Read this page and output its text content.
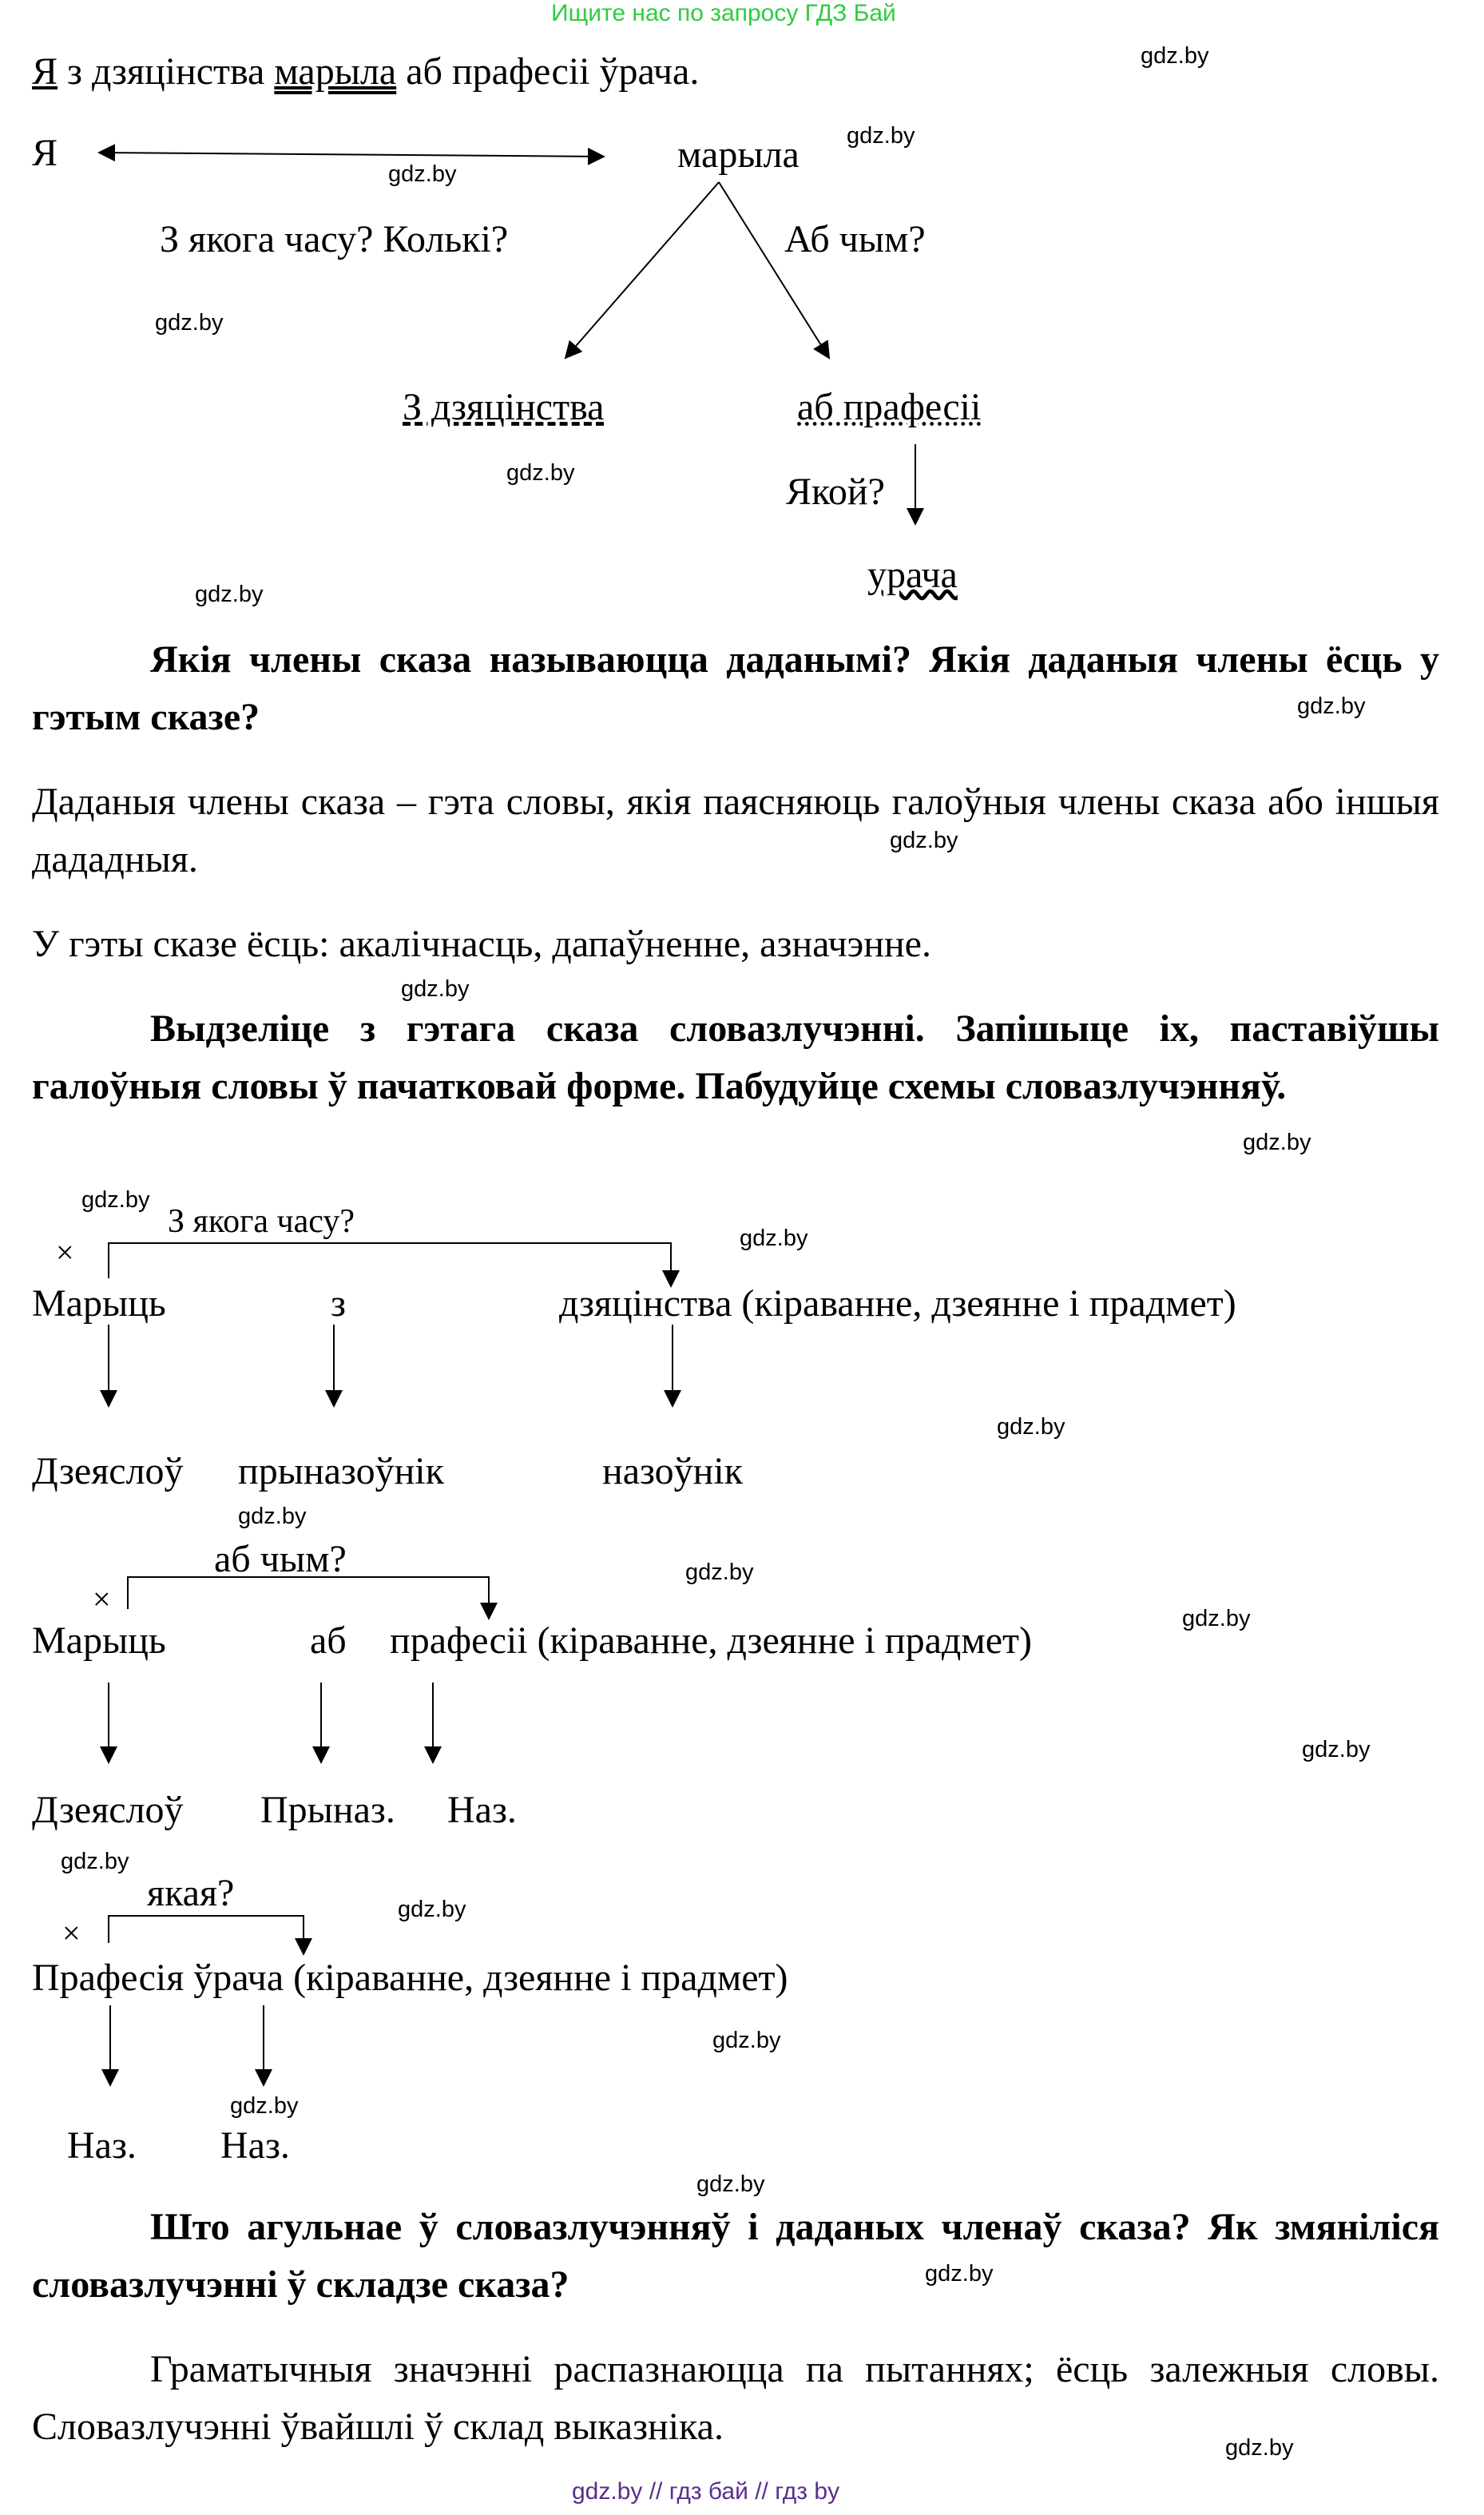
Ищите нас по запросу ГДЗ Бай
Я з дзяцінства марыла аб прафесіі ўрача.
Я	марыла
З якога часу? Колькі?	Аб чым?
З дзяцінства	аб прафесіі
Якой?
урача
Якія члены сказа называюцца даданымі? Якія даданыя члены ёсць у гэтым сказе?
Даданыя члены сказа – гэта словы, якія паясняюць галоўныя члены сказа або іншыя дададныя.
У гэты сказе ёсць: акалічнасць, дапаўненне, азначэнне.
Выдзеліце з гэтага сказа словазлучэнні. Запішыце іх, паставіўшы галоўныя словы ў пачатковай форме. Пабудуйце схемы словазлучэнняў.
×
З якога часу?
Марыць	з	дзяцінства (кіраванне, дзеянне і прадмет)
Дзеяслоў прыназоўнік	назоўнік
×
аб чым?
Марыць	аб прафесіі (кіраванне, дзеянне і прадмет)
Дзеяслоў Прыназ. Наз.
×
якая?
Прафесія ўрача (кіраванне, дзеянне і прадмет)
Наз. Наз.
Што агульнае ў словазлучэнняў і даданых членаў сказа? Як змяніліся словазлучэнні ў складзе сказа?
Граматычныя значэнні распазнаюцца па пытаннях; ёсць залежныя словы. Словазлучэнні ўвайшлі ў склад выказніка.
gdz.by
gdz.by
gdz.by
gdz.by
gdz.by
gdz.by
gdz.by
gdz.by
gdz.by
gdz.by
gdz.by
gdz.by
gdz.by
gdz.by
gdz.by
gdz.by
gdz.by
gdz.by
gdz.by
gdz.by
gdz.by
gdz.by
gdz.by
gdz.by
gdz.by // гдз бай // гдз by
